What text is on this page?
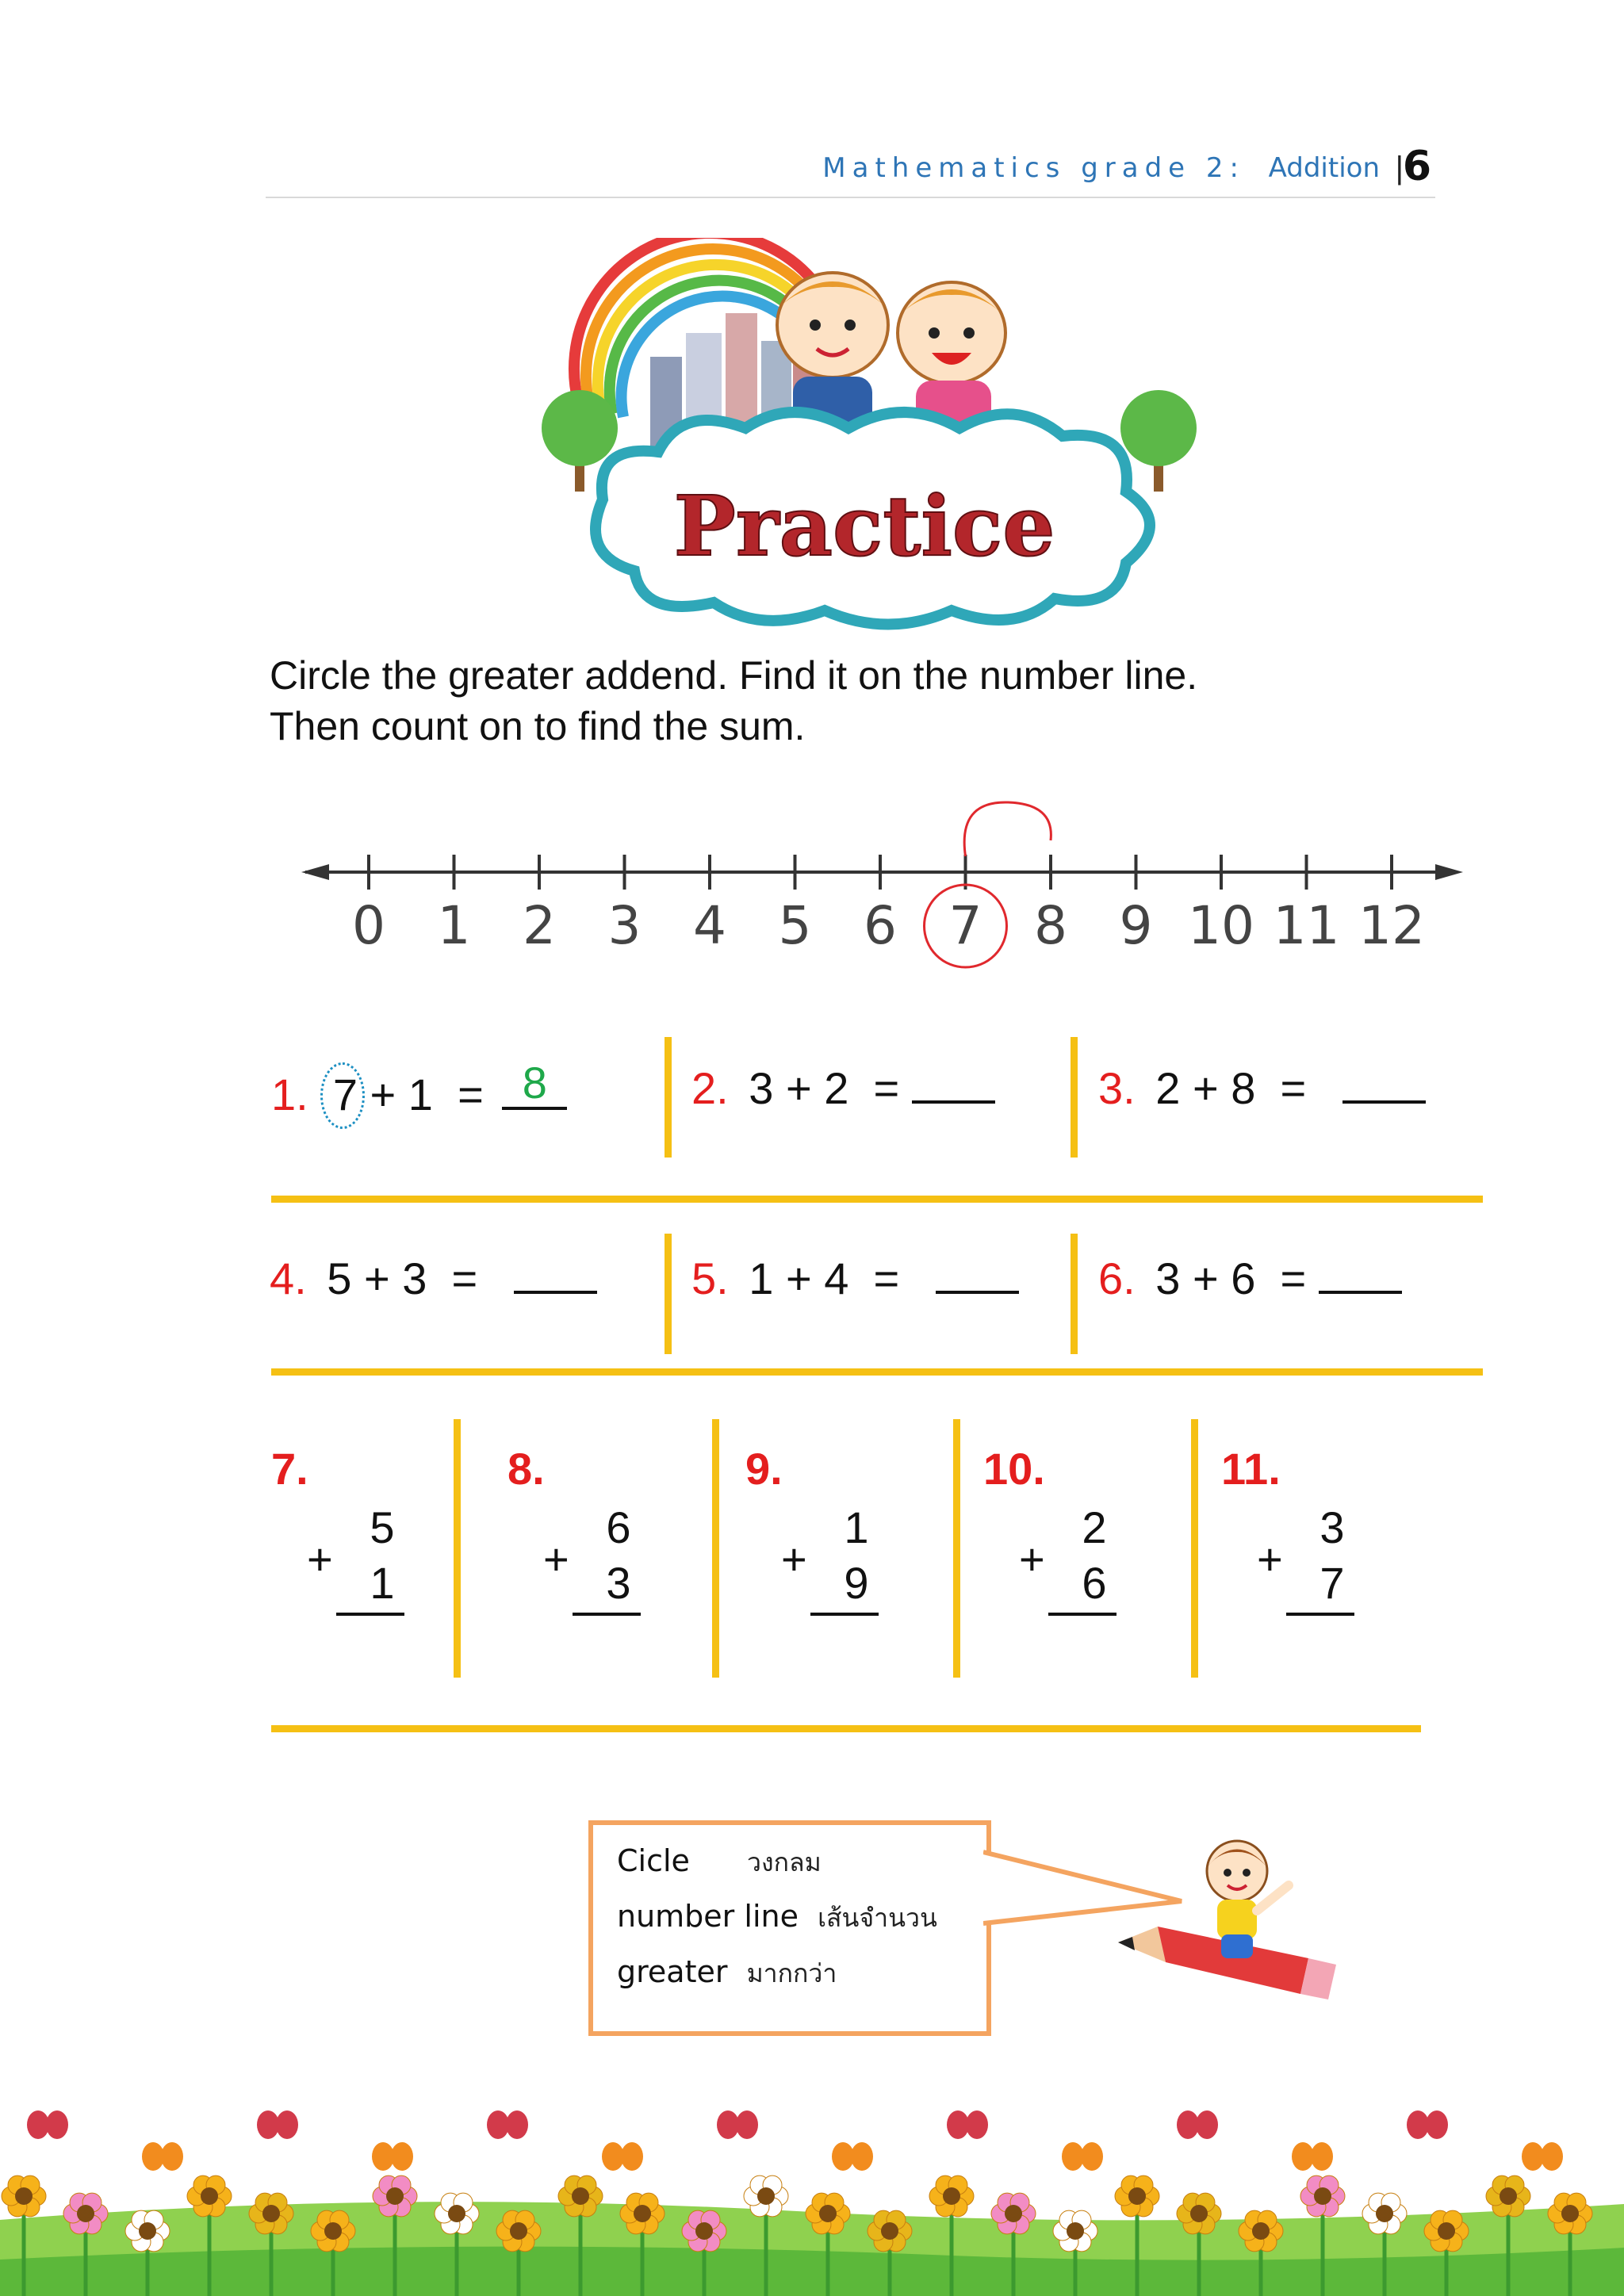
Mathematics grade 2: Addition |
6
Practice
Circle the greater addend. Find it on the number line.
Then count on to find the sum.
0 1 2 3 4 5 6 7 8 9 10 11 12
1. 7 + 1  = 8	2. 3 + 2  =	3. 2 + 8  =
4. 5 + 3  =	5. 1 + 4  =	6. 3 + 6  =
7.
5
+ 1
8.
6
+ 3
9.
1
+ 9
10.
2
+ 6
11.
3
+ 7
Cicle วงกลม
number line เส้นจำนวน
greater มากกว่า
